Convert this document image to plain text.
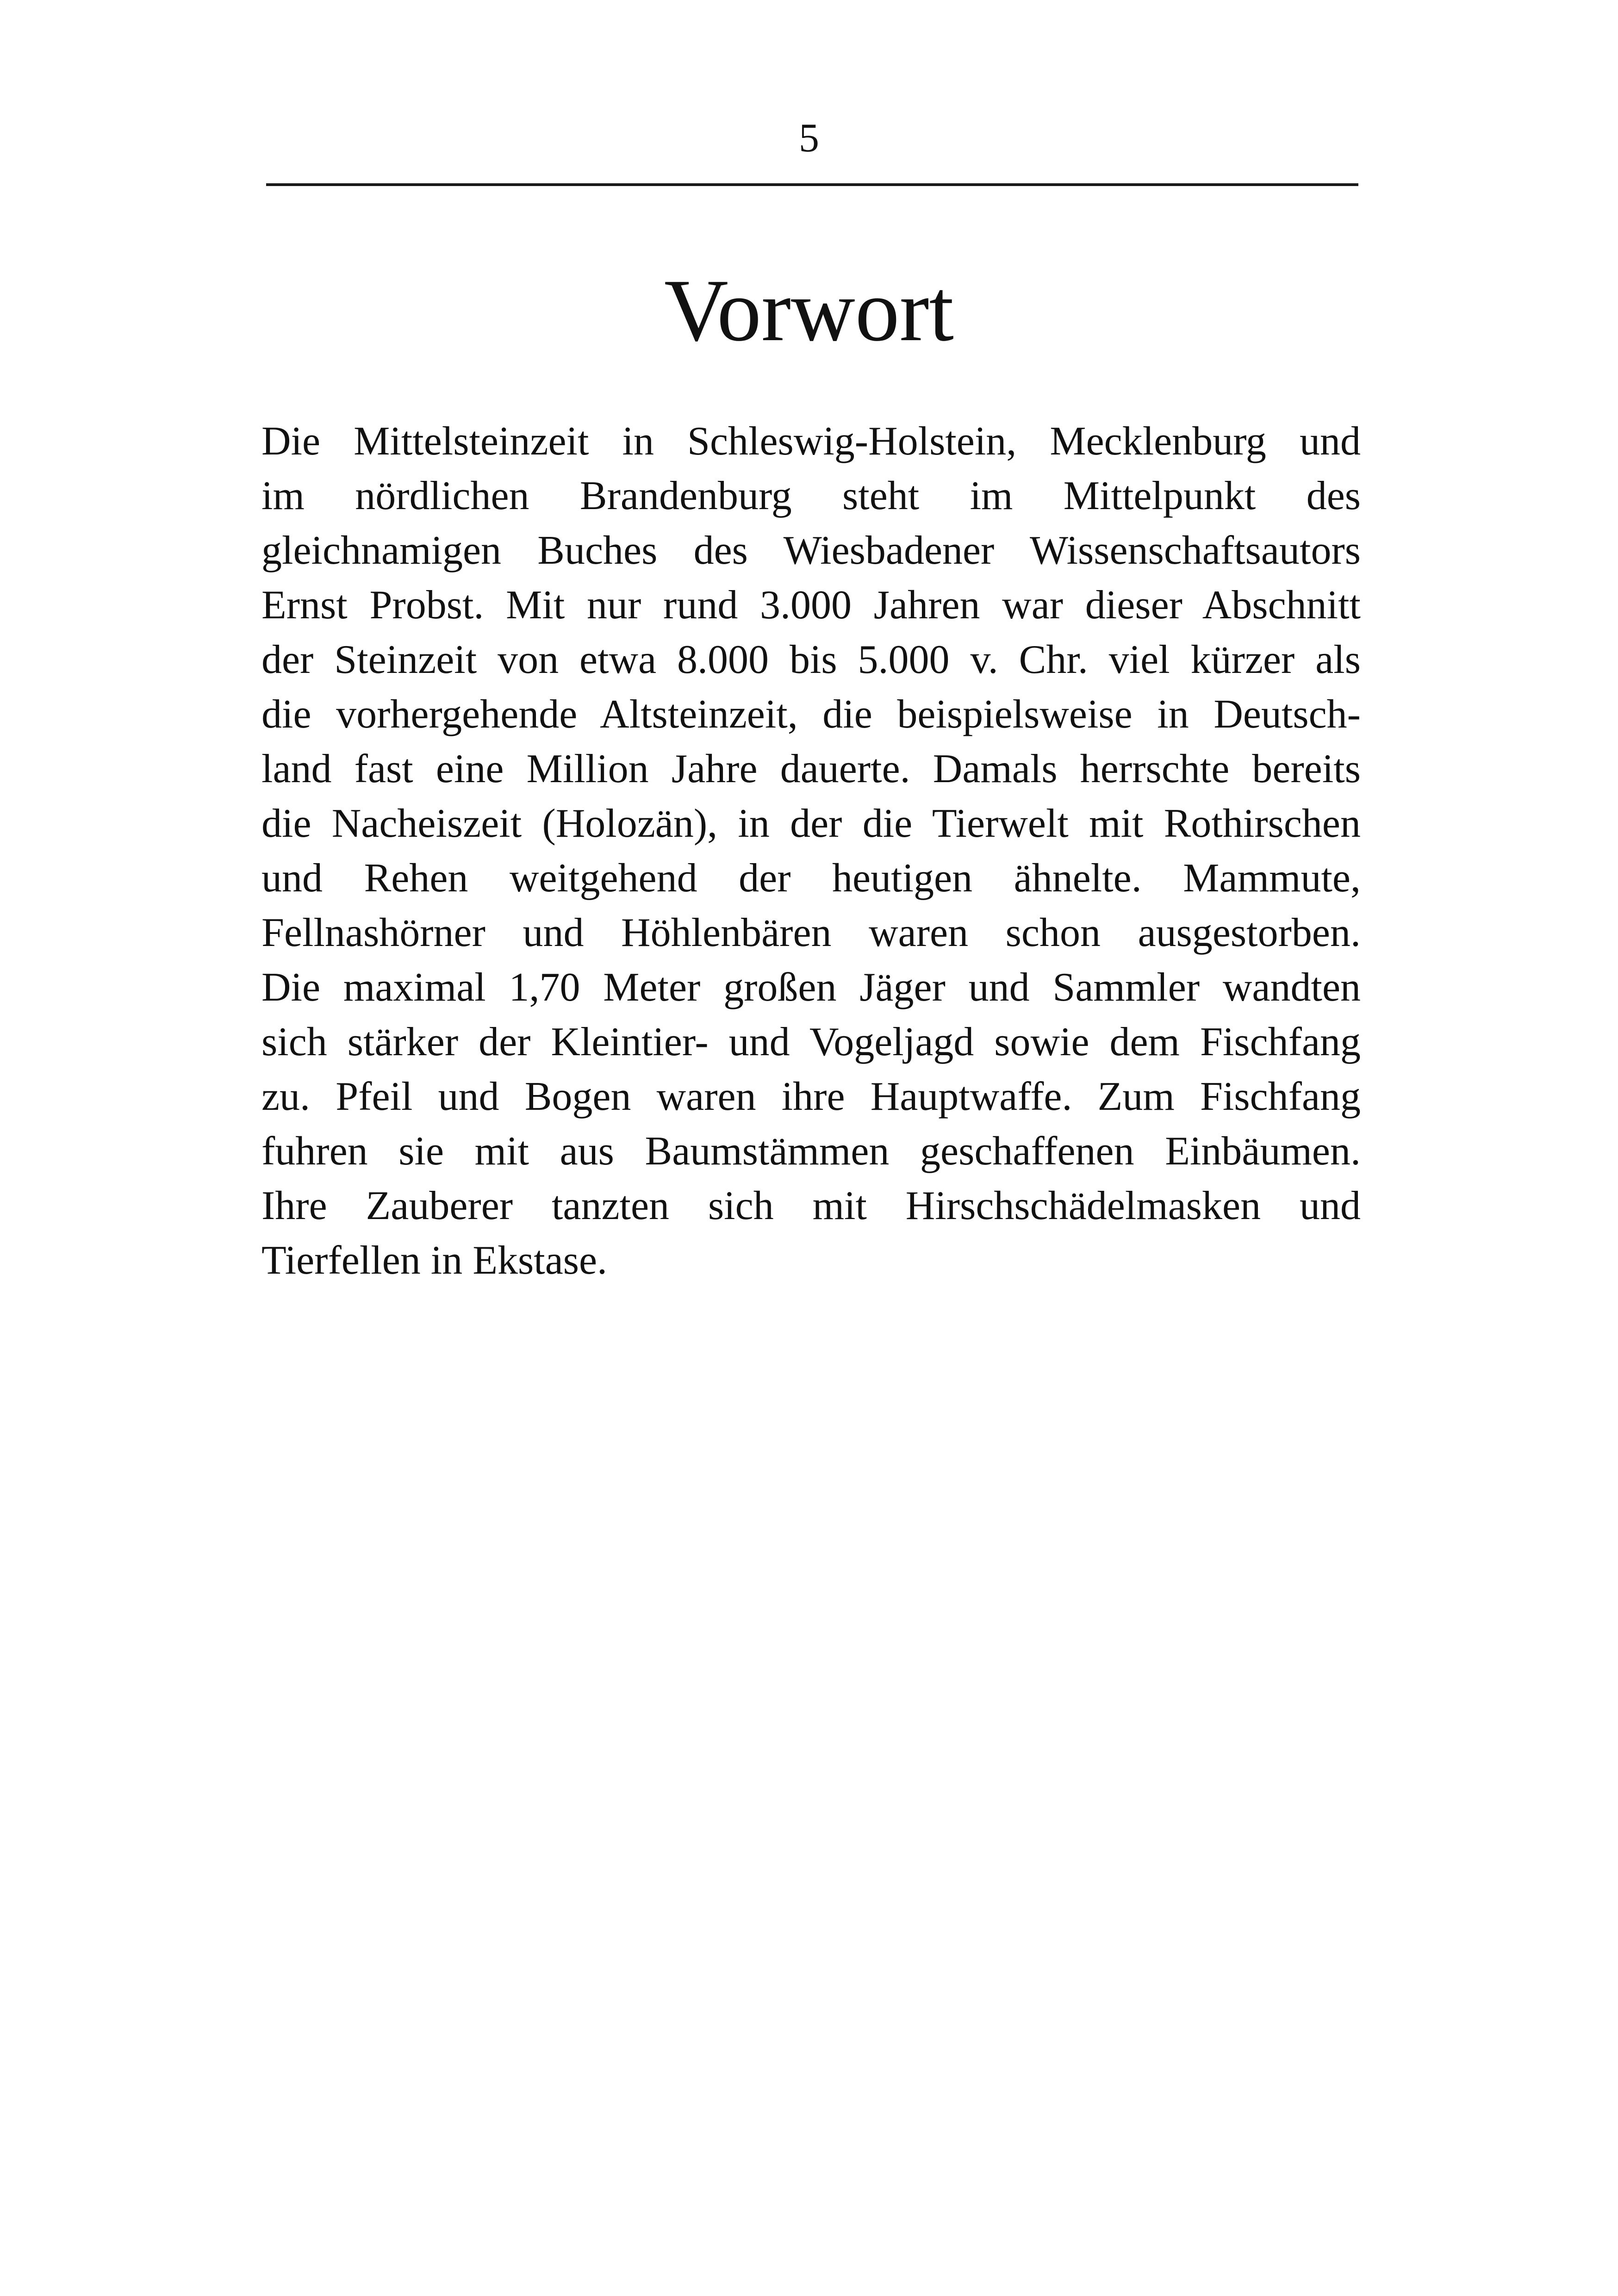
5
Vorwort
Die Mittelsteinzeit in Schleswig-Holstein, Mecklenburg und
im nördlichen Brandenburg steht im Mittelpunkt des
gleichnamigen Buches des Wiesbadener Wissenschaftsautors
Ernst Probst. Mit nur rund 3.000 Jahren war dieser Abschnitt
der Steinzeit von etwa 8.000 bis 5.000 v. Chr. viel kürzer als
die vorhergehende Altsteinzeit, die beispielsweise in Deutsch-
land fast eine Million Jahre dauerte. Damals herrschte bereits
die Nacheiszeit (Holozän), in der die Tierwelt mit Rothirschen
und Rehen weitgehend der heutigen ähnelte. Mammute,
Fellnashörner und Höhlenbären waren schon ausgestorben.
Die maximal 1,70 Meter großen Jäger und Sammler wandten
sich stärker der Kleintier- und Vogeljagd sowie dem Fischfang
zu. Pfeil und Bogen waren ihre Hauptwaffe. Zum Fischfang
fuhren sie mit aus Baumstämmen geschaffenen Einbäumen.
Ihre Zauberer tanzten sich mit Hirschschädelmasken und
Tierfellen in Ekstase.
